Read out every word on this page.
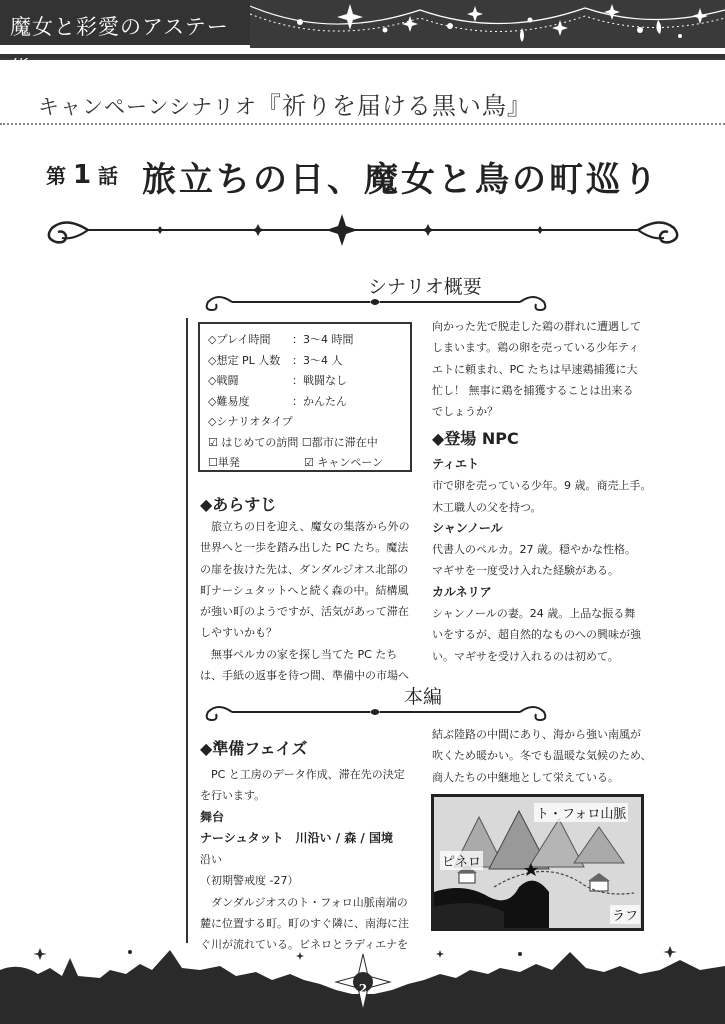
魔女と彩愛のアステー
キャンペーンシナリオ『祈りを届ける黒い鳥』
第 1 話 旅立ちの日、魔女と鳥の町巡り
シナリオ概要
◇プレイ時間 ：3～4 時間
◇想定 PL 人数 ：3～4 人
◇戦闘	：戦闘なし
◇難易度	：かんたん
◇シナリオタイプ
☑ はじめての訪問 ☐都市に滞在中
☐単発	☑ キャンペーン
◆あらすじ

　旅立ちの日を迎え、魔女の集落から外の

世界へと一歩を踏み出した PC たち。魔法

の扉を抜けた先は、ダンダルジオス北部の

町ナーシュタットへと続く森の中。結構風

が強い町のようですが、活気があって滞在

しやすいかも？

　無事ペルカの家を探し当てた PC たち

は、手紙の返事を待つ間、準備中の市場へ

向かった先で脱走した鶏の群れに遭遇して

しまいます。鶏の卵を売っている少年ティ

エトに頼まれ、PC たちは早速鶏捕獲に大

忙し！ 無事に鶏を捕獲することは出来る

でしょうか？

◆登場 NPC

ティエト

市で卵を売っている少年。9 歳。商売上手。

木工職人の父を持つ。

シャンノール

代書人のペルカ。27 歳。穏やかな性格。

マギサを一度受け入れた経験がある。

カルネリア

シャンノールの妻。24 歳。上品な振る舞

いをするが、超自然的なものへの興味が強

い。マギサを受け入れるのは初めて。

本編
◆準備フェイズ

　PC と工房のデータ作成、滞在先の決定

を行います。

舞台

ナーシュタット　川沿い / 森 / 国境

沿い

（初期警戒度 -27）

　ダンダルジオスのト・フォロ山脈南端の

麓に位置する町。町のすぐ隣に、南海に注

ぐ川が流れている。ビネロとラディエナを

結ぶ陸路の中間にあり、海から強い南風が

吹くため暖かい。冬でも温暖な気候のため、

商人たちの中継地として栄えている。

ト・フォロ山脈
ピネロ
ラフ
2
